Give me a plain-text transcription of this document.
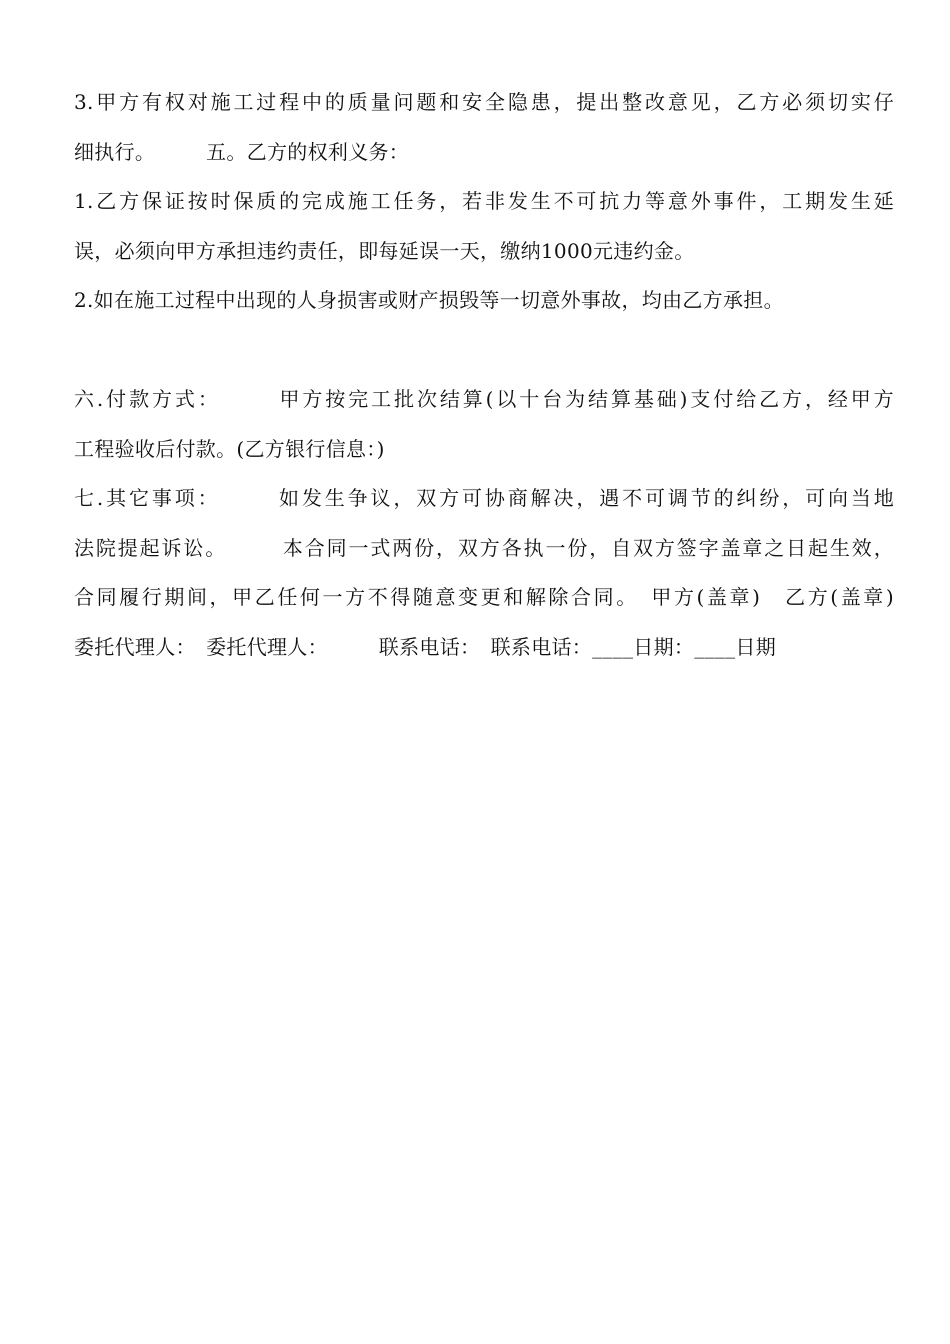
3.甲方有权对施工过程中的质量问题和安全隐患，提出整改意见，乙方必须切实仔
细执行。　　　五。乙方的权利义务：
1.乙方保证按时保质的完成施工任务，若非发生不可抗力等意外事件，工期发生延
误，必须向甲方承担违约责任，即每延误一天，缴纳1000元违约金。
2.如在施工过程中出现的人身损害或财产损毁等一切意外事故，均由乙方承担。
六.付款方式：　　　甲方按完工批次结算(以十台为结算基础)支付给乙方，经甲方
工程验收后付款。(乙方银行信息：)
七.其它事项：　　　如发生争议，双方可协商解决，遇不可调节的纠纷，可向当地
法院提起诉讼。　　　本合同一式两份，双方各执一份，自双方签字盖章之日起生效，
合同履行期间，甲乙任何一方不得随意变更和解除合同。　甲方(盖章)　乙方(盖章)
委托代理人：　委托代理人：　　　联系电话：　联系电话：____日期：____日期
